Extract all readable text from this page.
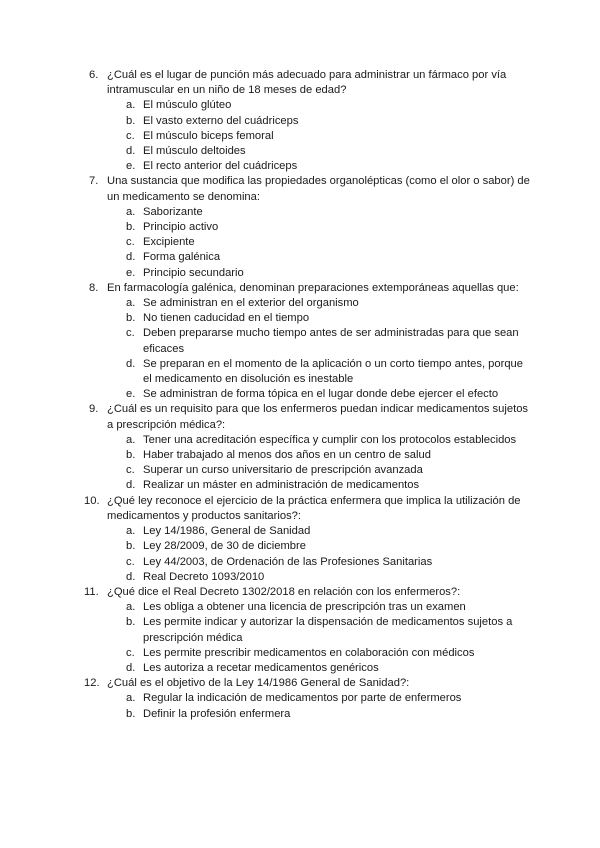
6. ¿Cuál es el lugar de punción más adecuado para administrar un fármaco por vía intramuscular en un niño de 18 meses de edad?
a. El músculo glúteo
b. El vasto externo del cuádriceps
c. El músculo biceps femoral
d. El músculo deltoides
e. El recto anterior del cuádriceps
7. Una sustancia que modifica las propiedades organolépticas (como el olor o sabor) de un medicamento se denomina:
a. Saborizante
b. Principio activo
c. Excipiente
d. Forma galénica
e. Principio secundario
8. En farmacología galénica, denominan preparaciones extemporáneas aquellas que:
a. Se administran en el exterior del organismo
b. No tienen caducidad en el tiempo
c. Deben prepararse mucho tiempo antes de ser administradas para que sean eficaces
d. Se preparan en el momento de la aplicación o un corto tiempo antes, porque el medicamento en disolución es inestable
e. Se administran de forma tópica en el lugar donde debe ejercer el efecto
9. ¿Cuál es un requisito para que los enfermeros puedan indicar medicamentos sujetos a prescripción médica?:
a. Tener una acreditación específica y cumplir con los protocolos establecidos
b. Haber trabajado al menos dos años en un centro de salud
c. Superar un curso universitario de prescripción avanzada
d. Realizar un máster en administración de medicamentos
10. ¿Qué ley reconoce el ejercicio de la práctica enfermera que implica la utilización de medicamentos y productos sanitarios?:
a. Ley 14/1986, General de Sanidad
b. Ley 28/2009, de 30 de diciembre
c. Ley 44/2003, de Ordenación de las Profesiones Sanitarias
d. Real Decreto 1093/2010
11. ¿Qué dice el Real Decreto 1302/2018 en relación con los enfermeros?:
a. Les obliga a obtener una licencia de prescripción tras un examen
b. Les permite indicar y autorizar la dispensación de medicamentos sujetos a prescripción médica
c. Les permite prescribir medicamentos en colaboración con médicos
d. Les autoriza a recetar medicamentos genéricos
12. ¿Cuál es el objetivo de la Ley 14/1986 General de Sanidad?:
a. Regular la indicación de medicamentos por parte de enfermeros
b. Definir la profesión enfermera
